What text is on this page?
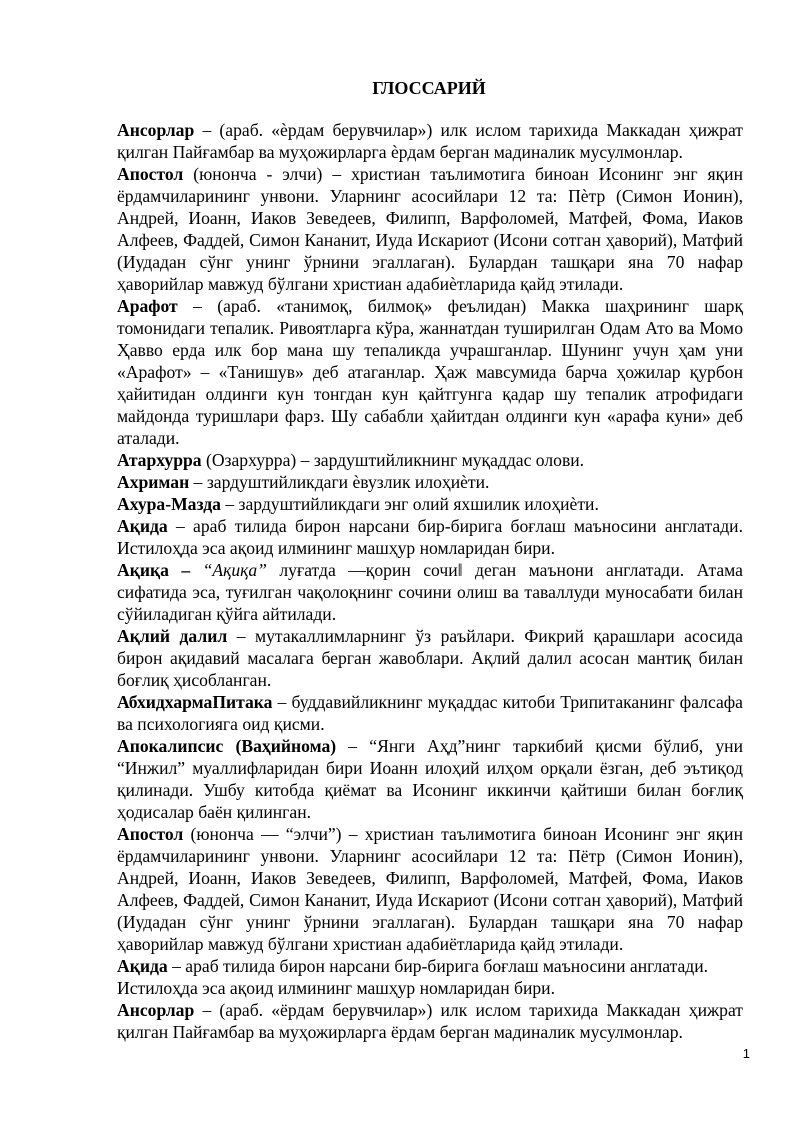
ГЛОССАРИЙ

Ансорлар – (араб. «ѐрдам берувчилар») илк ислом тарихида Маккадан ҳижрат қилган Пайғамбар ва муҳожирларга ѐрдам берган мадиналик мусулмонлар.

Апостол (юнонча - элчи) – христиан таълимотига биноан Исонинг энг яқин ёрдамчиларининг унвони. Уларнинг асосийлари 12 та: Пѐтр (Симон Ионин), Андрей, Иоанн, Иаков Зеведеев, Филипп, Варфоломей, Матфей, Фома, Иаков Алфеев, Фаддей, Симон Кананит, Иуда Искариот (Исони сотган ҳаворий), Матфий (Иудадан сўнг унинг ўрнини эгаллаган). Булардан ташқари яна 70 нафар ҳаворийлар мавжуд бўлгани христиан адабиѐтларида қайд этилади.

Арафот – (араб. «танимоқ, билмоқ» феълидан) Макка шаҳрининг шарқ томонидаги тепалик. Ривоятларга кўра, жаннатдан туширилган Одам Ато ва Момо Ҳавво ерда илк бор мана шу тепаликда учрашганлар. Шунинг учун ҳам уни «Арафот» – «Танишув» деб атаганлар. Ҳаж мавсумида барча ҳожилар қурбон ҳайитидан олдинги кун тонгдан кун қайтгунга қадар шу тепалик атрофидаги майдонда туришлари фарз. Шу сабабли ҳайитдан олдинги кун «арафа куни» деб аталади.

Атархурра (Озархурра) – зардуштийликнинг муқаддас олови.

Ахриман – зардуштийликдаги ѐвузлик илоҳиѐти.

Ахура-Мазда – зардуштийликдаги энг олий яхшилик илоҳиѐти.

Ақида – араб тилида бирон нарсани бир-бирига боғлаш маъносини англатади. Истилоҳда эса ақоид илмининг машҳур номларидан бири.

Ақиқа – “Ақиқа” луғатда ―қорин сочи‖ деган маънони англатади. Атама сифатида эса, туғилган чақолоқнинг сочини олиш ва таваллуди муносабати билан сўйиладиган қўйга айтилади.

Ақлий далил – мутакаллимларнинг ўз раъйлари. Фикрий қарашлари асосида бирон ақидавий масалага берган жавоблари. Ақлий далил асосан мантиқ билан боғлиқ ҳисобланган.

АбхидхармаПитака – буддавийликнинг муқаддас китоби Трипитаканинг фалсафа ва психологияга оид қисми.

Апокалипсис (Ваҳийнома) – “Янги Аҳд”нинг таркибий қисми бўлиб, уни “Инжил” муаллифларидан бири Иоанн илоҳий илҳом орқали ёзган, деб эътиқод қилинади. Ушбу китобда қиёмат ва Исонинг иккинчи қайтиши билан боғлиқ ҳодисалар баён қилинган.

Апостол (юнонча — “элчи”) – христиан таълимотига биноан Исонинг энг яқин ёрдамчиларининг унвони. Уларнинг асосийлари 12 та: Пётр (Симон Ионин), Андрей, Иоанн, Иаков Зеведеев, Филипп, Варфоломей, Матфей, Фома, Иаков Алфеев, Фаддей, Симон Кананит, Иуда Искариот (Исони сотган ҳаворий), Матфий (Иудадан сўнг унинг ўрнини эгаллаган). Булардан ташқари яна 70 нафар ҳаворийлар мавжуд бўлгани христиан адабиётларида қайд этилади.

Ақида – араб тилида бирон нарсани бир-бирига боғлаш маъносини англатади. Истилоҳда эса ақоид илмининг машҳур номларидан бири.

Ансорлар – (араб. «ёрдам берувчилар») илк ислом тарихида Маккадан ҳижрат қилган Пайғамбар ва муҳожирларга ёрдам берган мадиналик мусулмонлар.

1
